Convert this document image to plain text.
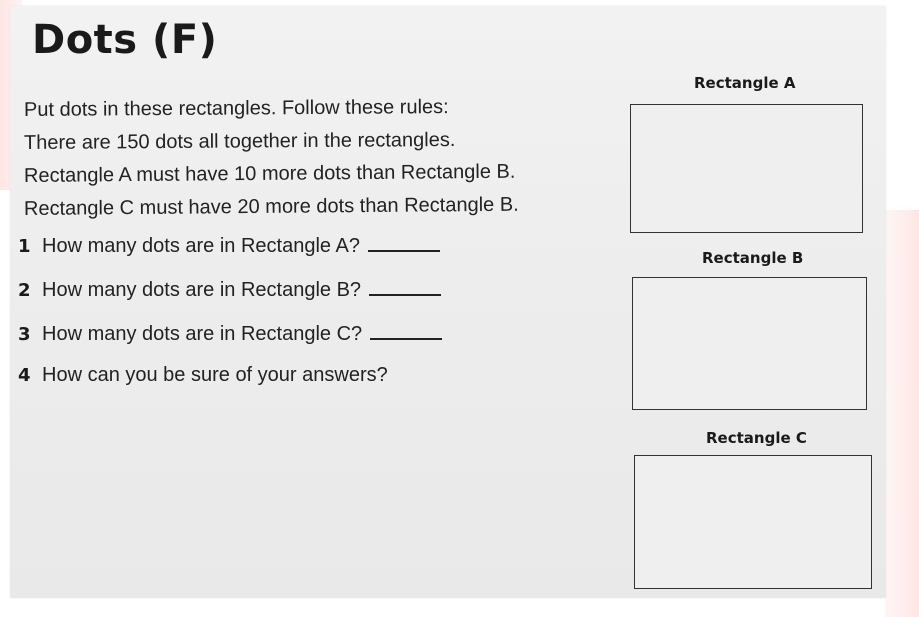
Dots (F)
Put dots in these rectangles. Follow these rules:
There are 150 dots all together in the rectangles.
Rectangle A must have 10 more dots than Rectangle B.
Rectangle C must have 20 more dots than Rectangle B.
1 How many dots are in Rectangle A?
2 How many dots are in Rectangle B?
3 How many dots are in Rectangle C?
4 How can you be sure of your answers?
Rectangle A
Rectangle B
Rectangle C
